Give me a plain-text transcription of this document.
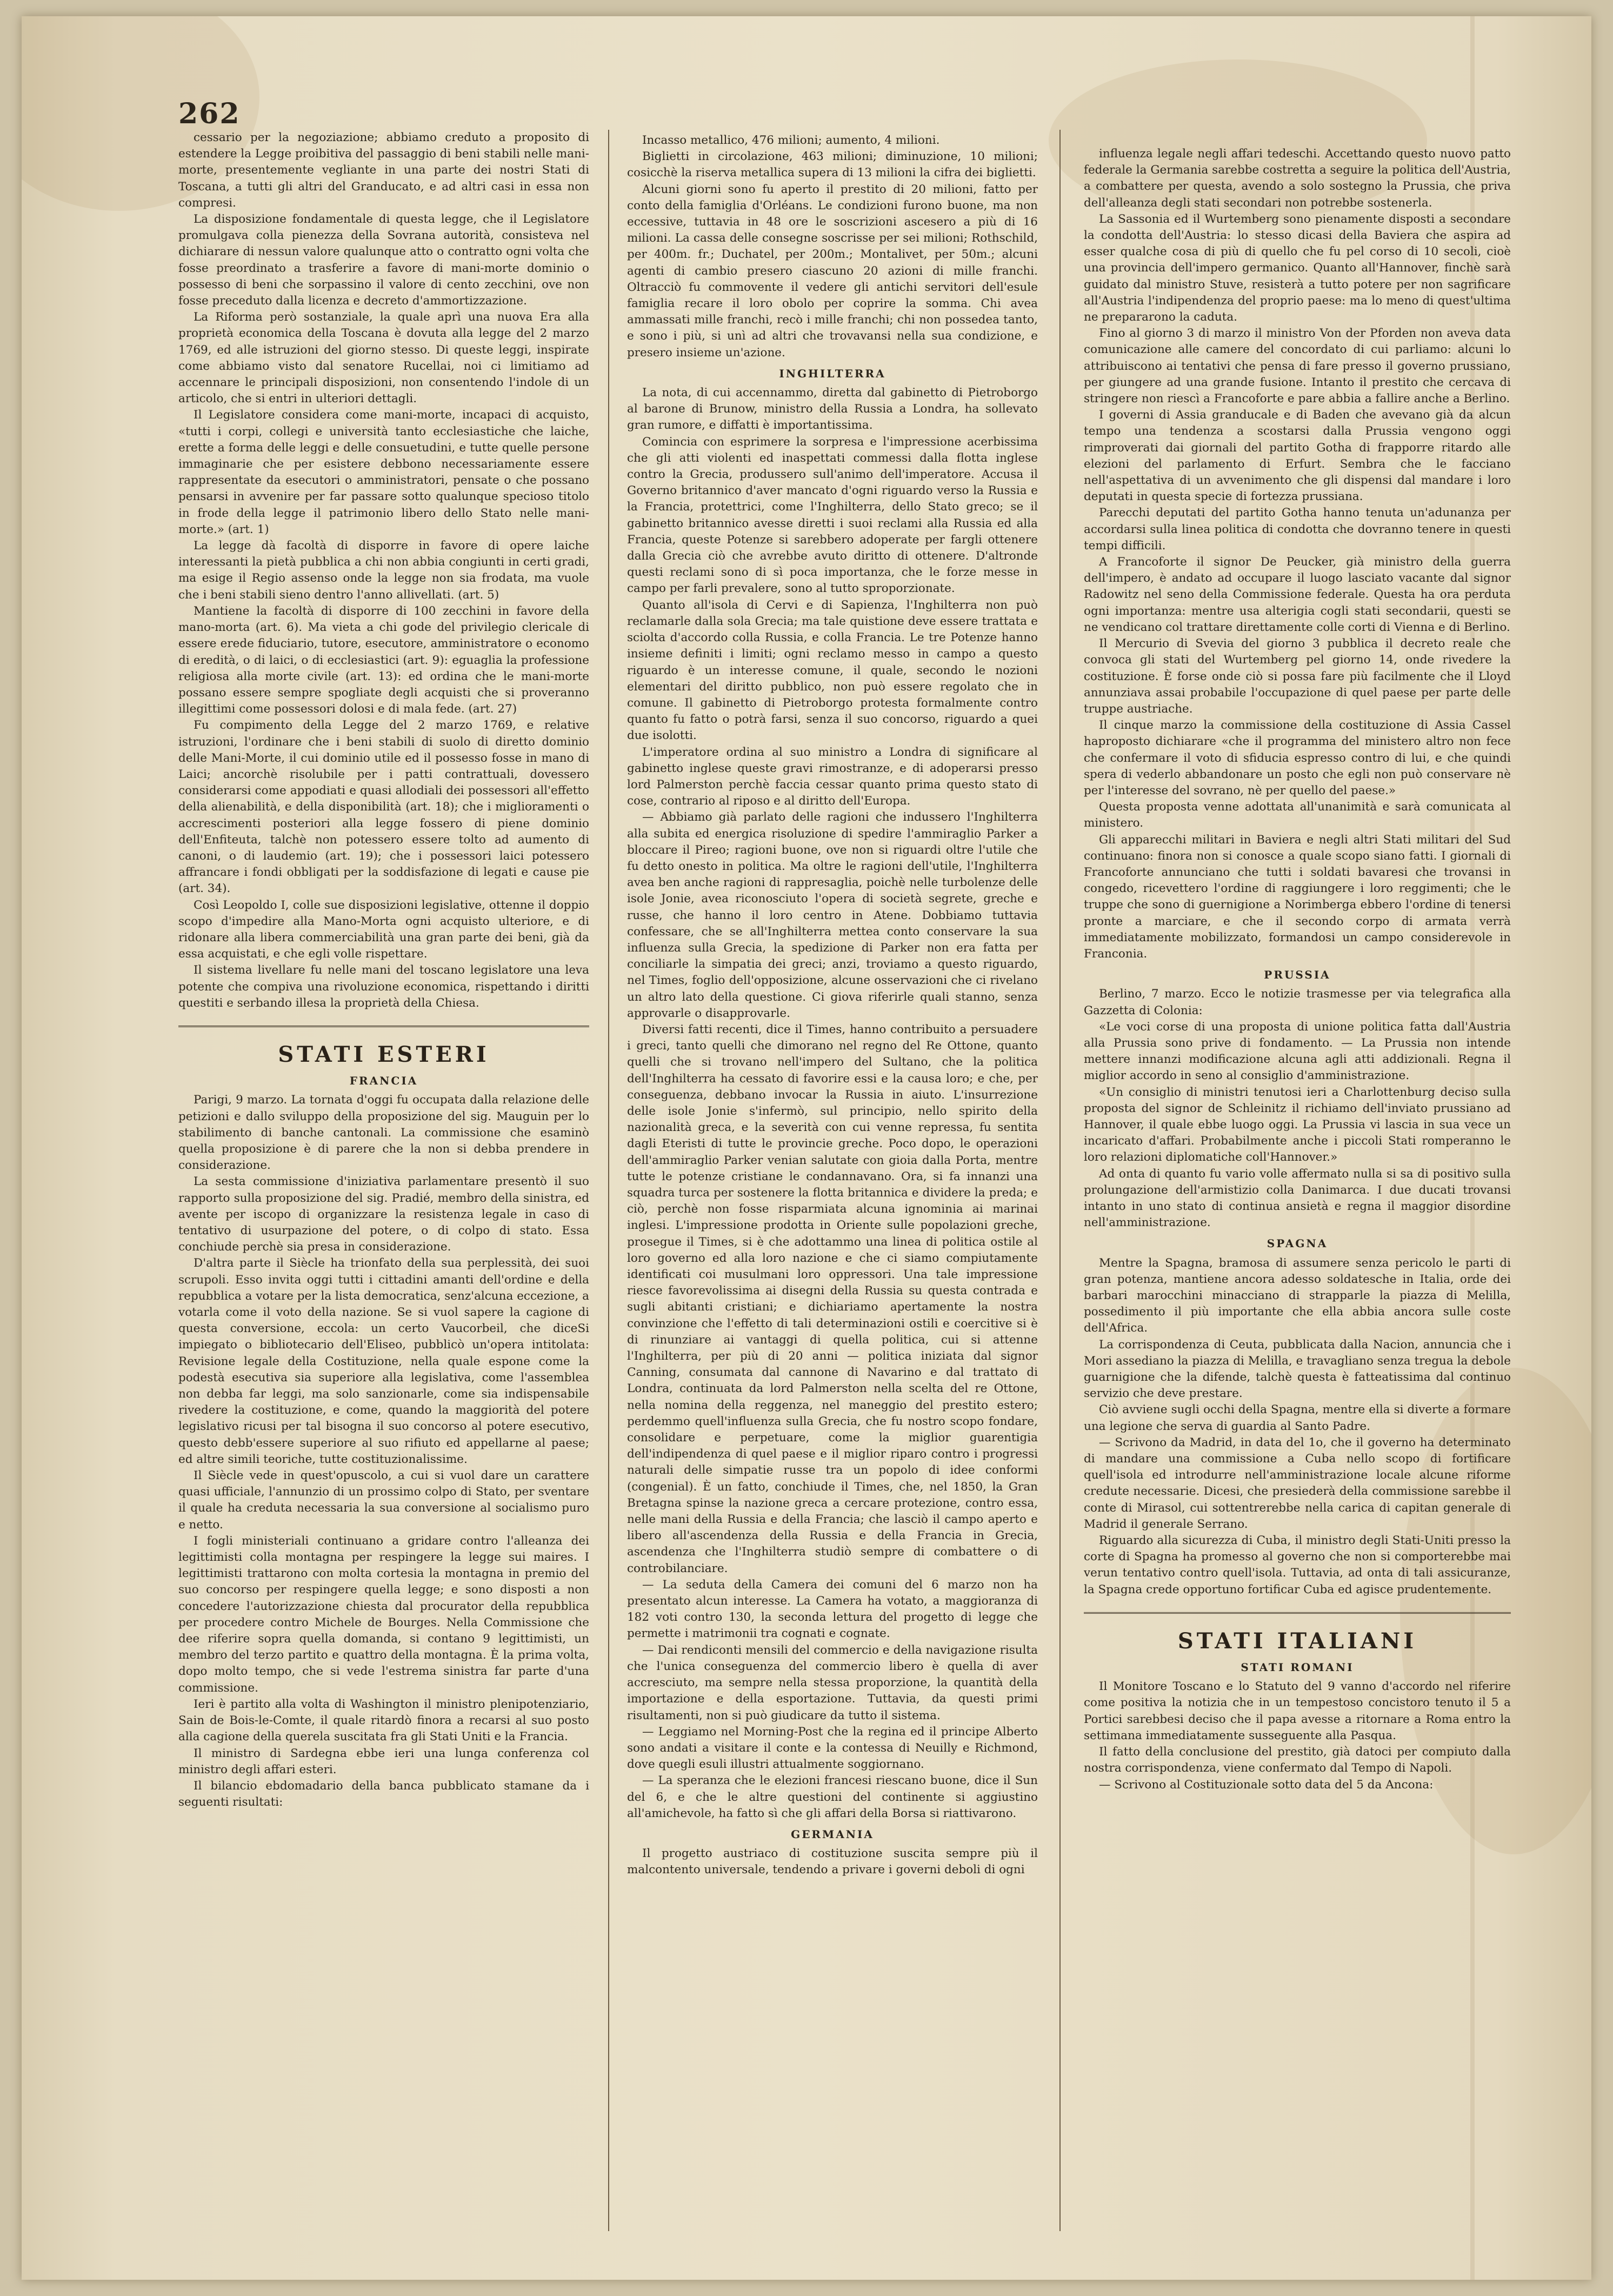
262

cessario per la negoziazione; abbiamo creduto a proposito di estendere la Legge proibitiva del passaggio di beni stabili nelle mani-morte, presentemente vegliante in una parte dei nostri Stati di Toscana, a tutti gli altri del Granducato, e ad altri casi in essa non compresi.

La disposizione fondamentale di questa legge, che il Legislatore promulgava colla pienezza della Sovrana autorità, consisteva nel dichiarare di nessun valore qualunque atto o contratto ogni volta che fosse preordinato a trasferire a favore di mani-morte dominio o possesso di beni che sorpassino il valore di cento zecchini, ove non fosse preceduto dalla licenza e decreto d'ammortizzazione.

La Riforma però sostanziale, la quale aprì una nuova Era alla proprietà economica della Toscana è dovuta alla legge del 2 marzo 1769, ed alle istruzioni del giorno stesso. Di queste leggi, inspirate come abbiamo visto dal senatore Rucellai, noi ci limitiamo ad accennare le principali disposizioni, non consentendo l'indole di un articolo, che si entri in ulteriori dettagli.

Il Legislatore considera come mani-morte, incapaci di acquisto, «tutti i corpi, collegi e università tanto ecclesiastiche che laiche, erette a forma delle leggi e delle consuetudini, e tutte quelle persone immaginarie che per esistere debbono necessariamente essere rappresentate da esecutori o amministratori, pensate o che possano pensarsi in avvenire per far passare sotto qualunque specioso titolo in frode della legge il patrimonio libero dello Stato nelle mani-morte.» (art. 1)

La legge dà facoltà di disporre in favore di opere laiche interessanti la pietà pubblica a chi non abbia congiunti in certi gradi, ma esige il Regio assenso onde la legge non sia frodata, ma vuole che i beni stabili sieno dentro l'anno allivellati. (art. 5)

Mantiene la facoltà di disporre di 100 zecchini in favore della mano-morta (art. 6). Ma vieta a chi gode del privilegio clericale di essere erede fiduciario, tutore, esecutore, amministratore o economo di eredità, o di laici, o di ecclesiastici (art. 9): eguaglia la professione religiosa alla morte civile (art. 13): ed ordina che le mani-morte possano essere sempre spogliate degli acquisti che si proveranno illegittimi come possessori dolosi e di mala fede. (art. 27)

Fu compimento della Legge del 2 marzo 1769, e relative istruzioni, l'ordinare che i beni stabili di suolo di diretto dominio delle Mani-Morte, il cui dominio utile ed il possesso fosse in mano di Laici; ancorchè risolubile per i patti contrattuali, dovessero considerarsi come appodiati e quasi allodiali dei possessori all'effetto della alienabilità, e della disponibilità (art. 18); che i miglioramenti o accrescimenti posteriori alla legge fossero di piene dominio dell'Enfiteuta, talchè non potessero essere tolto ad aumento di canoni, o di laudemio (art. 19); che i possessori laici potessero affrancare i fondi obbligati per la soddisfazione di legati e cause pie (art. 34).

Così Leopoldo I, colle sue disposizioni legislative, ottenne il doppio scopo d'impedire alla Mano-Morta ogni acquisto ulteriore, e di ridonare alla libera commerciabilità una gran parte dei beni, già da essa acquistati, e che egli volle rispettare.

Il sistema livellare fu nelle mani del toscano legislatore una leva potente che compiva una rivoluzione economica, rispettando i diritti questiti e serbando illesa la proprietà della Chiesa.

STATI ESTERI
FRANCIA

Parigi, 9 marzo. La tornata d'oggi fu occupata dalla relazione delle petizioni e dallo sviluppo della proposizione del sig. Mauguin per lo stabilimento di banche cantonali. La commissione che esaminò quella proposizione è di parere che la non si debba prendere in considerazione.

La sesta commissione d'iniziativa parlamentare presentò il suo rapporto sulla proposizione del sig. Pradié, membro della sinistra, ed avente per iscopo di organizzare la resistenza legale in caso di tentativo di usurpazione del potere, o di colpo di stato. Essa conchiude perchè sia presa in considerazione.

D'altra parte il Siècle ha trionfato della sua perplessità, dei suoi scrupoli. Esso invita oggi tutti i cittadini amanti dell'ordine e della repubblica a votare per la lista democratica, senz'alcuna eccezione, a votarla come il voto della nazione. Se si vuol sapere la cagione di questa conversione, eccola: un certo Vaucorbeil, che diceSi impiegato o bibliotecario dell'Eliseo, pubblicò un'opera intitolata: Revisione legale della Costituzione, nella quale espone come la podestà esecutiva sia superiore alla legislativa, come l'assemblea non debba far leggi, ma solo sanzionarle, come sia indispensabile rivedere la costituzione, e come, quando la maggiorità del potere legislativo ricusi per tal bisogna il suo concorso al potere esecutivo, questo debb'essere superiore al suo rifiuto ed appellarne al paese; ed altre simili teoriche, tutte costituzionalissime.

Il Siècle vede in quest'opuscolo, a cui si vuol dare un carattere quasi ufficiale, l'annunzio di un prossimo colpo di Stato, per sventare il quale ha creduta necessaria la sua conversione al socialismo puro e netto.

I fogli ministeriali continuano a gridare contro l'alleanza dei legittimisti colla montagna per respingere la legge sui maires. I legittimisti trattarono con molta cortesia la montagna in premio del suo concorso per respingere quella legge; e sono disposti a non concedere l'autorizzazione chiesta dal procurator della repubblica per procedere contro Michele de Bourges. Nella Commissione che dee riferire sopra quella domanda, si contano 9 legittimisti, un membro del terzo partito e quattro della montagna. È la prima volta, dopo molto tempo, che si vede l'estrema sinistra far parte d'una commissione.

Ieri è partito alla volta di Washington il ministro plenipotenziario, Sain de Bois-le-Comte, il quale ritardò finora a recarsi al suo posto alla cagione della querela suscitata fra gli Stati Uniti e la Francia.

Il ministro di Sardegna ebbe ieri una lunga conferenza col ministro degli affari esteri.

Il bilancio ebdomadario della banca pubblicato stamane da i seguenti risultati:

Incasso metallico, 476 milioni; aumento, 4 milioni.

Biglietti in circolazione, 463 milioni; diminuzione, 10 milioni; cosicchè la riserva metallica supera di 13 milioni la cifra dei biglietti.

Alcuni giorni sono fu aperto il prestito di 20 milioni, fatto per conto della famiglia d'Orléans. Le condizioni furono buone, ma non eccessive, tuttavia in 48 ore le soscrizioni ascesero a più di 16 milioni. La cassa delle consegne soscrisse per sei milioni; Rothschild, per 400m. fr.; Duchatel, per 200m.; Montalivet, per 50m.; alcuni agenti di cambio presero ciascuno 20 azioni di mille franchi. Oltracciò fu commovente il vedere gli antichi servitori dell'esule famiglia recare il loro obolo per coprire la somma. Chi avea ammassati mille franchi, recò i mille franchi; chi non possedea tanto, e sono i più, si unì ad altri che trovavansi nella sua condizione, e presero insieme un'azione.

INGHILTERRA

La nota, di cui accennammo, diretta dal gabinetto di Pietroborgo al barone di Brunow, ministro della Russia a Londra, ha sollevato gran rumore, e diffatti è importantissima.

Comincia con esprimere la sorpresa e l'impressione acerbissima che gli atti violenti ed inaspettati commessi dalla flotta inglese contro la Grecia, produssero sull'animo dell'imperatore. Accusa il Governo britannico d'aver mancato d'ogni riguardo verso la Russia e la Francia, protettrici, come l'Inghilterra, dello Stato greco; se il gabinetto britannico avesse diretti i suoi reclami alla Russia ed alla Francia, queste Potenze si sarebbero adoperate per fargli ottenere dalla Grecia ciò che avrebbe avuto diritto di ottenere. D'altronde questi reclami sono di sì poca importanza, che le forze messe in campo per farli prevalere, sono al tutto sproporzionate.

Quanto all'isola di Cervi e di Sapienza, l'Inghilterra non può reclamarle dalla sola Grecia; ma tale quistione deve essere trattata e sciolta d'accordo colla Russia, e colla Francia. Le tre Potenze hanno insieme definiti i limiti; ogni reclamo messo in campo a questo riguardo è un interesse comune, il quale, secondo le nozioni elementari del diritto pubblico, non può essere regolato che in comune. Il gabinetto di Pietroborgo protesta formalmente contro quanto fu fatto o potrà farsi, senza il suo concorso, riguardo a quei due isolotti.

L'imperatore ordina al suo ministro a Londra di significare al gabinetto inglese queste gravi rimostranze, e di adoperarsi presso lord Palmerston perchè faccia cessar quanto prima questo stato di cose, contrario al riposo e al diritto dell'Europa.

— Abbiamo già parlato delle ragioni che indussero l'Inghilterra alla subita ed energica risoluzione di spedire l'ammiraglio Parker a bloccare il Pireo; ragioni buone, ove non si riguardi oltre l'utile che fu detto onesto in politica. Ma oltre le ragioni dell'utile, l'Inghilterra avea ben anche ragioni di rappresaglia, poichè nelle turbolenze delle isole Jonie, avea riconosciuto l'opera di società segrete, greche e russe, che hanno il loro centro in Atene. Dobbiamo tuttavia confessare, che se all'Inghilterra mettea conto conservare la sua influenza sulla Grecia, la spedizione di Parker non era fatta per conciliarle la simpatia dei greci; anzi, troviamo a questo riguardo, nel Times, foglio dell'opposizione, alcune osservazioni che ci rivelano un altro lato della questione. Ci giova riferirle quali stanno, senza approvarle o disapprovarle.

Diversi fatti recenti, dice il Times, hanno contribuito a persuadere i greci, tanto quelli che dimorano nel regno del Re Ottone, quanto quelli che si trovano nell'impero del Sultano, che la politica dell'Inghilterra ha cessato di favorire essi e la causa loro; e che, per conseguenza, debbano invocar la Russia in aiuto. L'insurrezione delle isole Jonie s'infermò, sul principio, nello spirito della nazionalità greca, e la severità con cui venne repressa, fu sentita dagli Eteristi di tutte le provincie greche. Poco dopo, le operazioni dell'ammiraglio Parker venian salutate con gioia dalla Porta, mentre tutte le potenze cristiane le condannavano. Ora, si fa innanzi una squadra turca per sostenere la flotta britannica e dividere la preda; e ciò, perchè non fosse risparmiata alcuna ignominia ai marinai inglesi. L'impressione prodotta in Oriente sulle popolazioni greche, prosegue il Times, si è che adottammo una linea di politica ostile al loro governo ed alla loro nazione e che ci siamo compiutamente identificati coi musulmani loro oppressori. Una tale impressione riesce favorevolissima ai disegni della Russia su questa contrada e sugli abitanti cristiani; e dichiariamo apertamente la nostra convinzione che l'effetto di tali determinazioni ostili e coercitive si è di rinunziare ai vantaggi di quella politica, cui si attenne l'Inghilterra, per più di 20 anni — politica iniziata dal signor Canning, consumata dal cannone di Navarino e dal trattato di Londra, continuata da lord Palmerston nella scelta del re Ottone, nella nomina della reggenza, nel maneggio del prestito estero; perdemmo quell'influenza sulla Grecia, che fu nostro scopo fondare, consolidare e perpetuare, come la miglior guarentigia dell'indipendenza di quel paese e il miglior riparo contro i progressi naturali delle simpatie russe tra un popolo di idee conformi (congenial). È un fatto, conchiude il Times, che, nel 1850, la Gran Bretagna spinse la nazione greca a cercare protezione, contro essa, nelle mani della Russia e della Francia; che lasciò il campo aperto e libero all'ascendenza della Russia e della Francia in Grecia, ascendenza che l'Inghilterra studiò sempre di combattere o di controbilanciare.

— La seduta della Camera dei comuni del 6 marzo non ha presentato alcun interesse. La Camera ha votato, a maggioranza di 182 voti contro 130, la seconda lettura del progetto di legge che permette i matrimonii tra cognati e cognate.

— Dai rendiconti mensili del commercio e della navigazione risulta che l'unica conseguenza del commercio libero è quella di aver accresciuto, ma sempre nella stessa proporzione, la quantità della importazione e della esportazione. Tuttavia, da questi primi risultamenti, non si può giudicare da tutto il sistema.

— Leggiamo nel Morning-Post che la regina ed il principe Alberto sono andati a visitare il conte e la contessa di Neuilly e Richmond, dove quegli esuli illustri attualmente soggiornano.

— La speranza che le elezioni francesi riescano buone, dice il Sun del 6, e che le altre questioni del continente si aggiustino all'amichevole, ha fatto sì che gli affari della Borsa si riattivarono.

GERMANIA

Il progetto austriaco di costituzione suscita sempre più il malcontento universale, tendendo a privare i governi deboli di ogni

influenza legale negli affari tedeschi. Accettando questo nuovo patto federale la Germania sarebbe costretta a seguire la politica dell'Austria, a combattere per questa, avendo a solo sostegno la Prussia, che priva dell'alleanza degli stati secondari non potrebbe sostenerla.

La Sassonia ed il Wurtemberg sono pienamente disposti a secondare la condotta dell'Austria: lo stesso dicasi della Baviera che aspira ad esser qualche cosa di più di quello che fu pel corso di 10 secoli, cioè una provincia dell'impero germanico. Quanto all'Hannover, finchè sarà guidato dal ministro Stuve, resisterà a tutto potere per non sagrificare all'Austria l'indipendenza del proprio paese: ma lo meno di quest'ultima ne prepararono la caduta.

Fino al giorno 3 di marzo il ministro Von der Pforden non aveva data comunicazione alle camere del concordato di cui parliamo: alcuni lo attribuiscono ai tentativi che pensa di fare presso il governo prussiano, per giungere ad una grande fusione. Intanto il prestito che cercava di stringere non riescì a Francoforte e pare abbia a fallire anche a Berlino.

I governi di Assia granducale e di Baden che avevano già da alcun tempo una tendenza a scostarsi dalla Prussia vengono oggi rimproverati dai giornali del partito Gotha di frapporre ritardo alle elezioni del parlamento di Erfurt. Sembra che le facciano nell'aspettativa di un avvenimento che gli dispensi dal mandare i loro deputati in questa specie di fortezza prussiana.

Parecchi deputati del partito Gotha hanno tenuta un'adunanza per accordarsi sulla linea politica di condotta che dovranno tenere in questi tempi difficili.

A Francoforte il signor De Peucker, già ministro della guerra dell'impero, è andato ad occupare il luogo lasciato vacante dal signor Radowitz nel seno della Commissione federale. Questa ha ora perduta ogni importanza: mentre usa alterigia cogli stati secondarii, questi se ne vendicano col trattare direttamente colle corti di Vienna e di Berlino.

Il Mercurio di Svevia del giorno 3 pubblica il decreto reale che convoca gli stati del Wurtemberg pel giorno 14, onde rivedere la costituzione. È forse onde ciò si possa fare più facilmente che il Lloyd annunziava assai probabile l'occupazione di quel paese per parte delle truppe austriache.

Il cinque marzo la commissione della costituzione di Assia Cassel haproposto dichiarare «che il programma del ministero altro non fece che confermare il voto di sfiducia espresso contro di lui, e che quindi spera di vederlo abbandonare un posto che egli non può conservare nè per l'interesse del sovrano, nè per quello del paese.»

Questa proposta venne adottata all'unanimità e sarà comunicata al ministero.

Gli apparecchi militari in Baviera e negli altri Stati militari del Sud continuano: finora non si conosce a quale scopo siano fatti. I giornali di Francoforte annunciano che tutti i soldati bavaresi che trovansi in congedo, ricevettero l'ordine di raggiungere i loro reggimenti; che le truppe che sono di guernigione a Norimberga ebbero l'ordine di tenersi pronte a marciare, e che il secondo corpo di armata verrà immediatamente mobilizzato, formandosi un campo considerevole in Franconia.

PRUSSIA

Berlino, 7 marzo. Ecco le notizie trasmesse per via telegrafica alla Gazzetta di Colonia:

«Le voci corse di una proposta di unione politica fatta dall'Austria alla Prussia sono prive di fondamento. — La Prussia non intende mettere innanzi modificazione alcuna agli atti addizionali. Regna il miglior accordo in seno al consiglio d'amministrazione.

«Un consiglio di ministri tenutosi ieri a Charlottenburg deciso sulla proposta del signor de Schleinitz il richiamo dell'inviato prussiano ad Hannover, il quale ebbe luogo oggi. La Prussia vi lascia in sua vece un incaricato d'affari. Probabilmente anche i piccoli Stati romperanno le loro relazioni diplomatiche coll'Hannover.»

Ad onta di quanto fu vario volle affermato nulla si sa di positivo sulla prolungazione dell'armistizio colla Danimarca. I due ducati trovansi intanto in uno stato di continua ansietà e regna il maggior disordine nell'amministrazione.

SPAGNA

Mentre la Spagna, bramosa di assumere senza pericolo le parti di gran potenza, mantiene ancora adesso soldatesche in Italia, orde dei barbari marocchini minacciano di strapparle la piazza di Melilla, possedimento il più importante che ella abbia ancora sulle coste dell'Africa.

La corrispondenza di Ceuta, pubblicata dalla Nacion, annuncia che i Mori assediano la piazza di Melilla, e travagliano senza tregua la debole guarnigione che la difende, talchè questa è fatteatissima dal continuo servizio che deve prestare.

Ciò avviene sugli occhi della Spagna, mentre ella si diverte a formare una legione che serva di guardia al Santo Padre.

— Scrivono da Madrid, in data del 1o, che il governo ha determinato di mandare una commissione a Cuba nello scopo di fortificare quell'isola ed introdurre nell'amministrazione locale alcune riforme credute necessarie. Dicesi, che presiederà della commissione sarebbe il conte di Mirasol, cui sottentrerebbe nella carica di capitan generale di Madrid il generale Serrano.

Riguardo alla sicurezza di Cuba, il ministro degli Stati-Uniti presso la corte di Spagna ha promesso al governo che non si comporterebbe mai verun tentativo contro quell'isola. Tuttavia, ad onta di tali assicuranze, la Spagna crede opportuno fortificar Cuba ed agisce prudentemente.

STATI ITALIANI
STATI ROMANI

Il Monitore Toscano e lo Statuto del 9 vanno d'accordo nel riferire come positiva la notizia che in un tempestoso concistoro tenuto il 5 a Portici sarebbesi deciso che il papa avesse a ritornare a Roma entro la settimana immediatamente susseguente alla Pasqua.

Il fatto della conclusione del prestito, già datoci per compiuto dalla nostra corrispondenza, viene confermato dal Tempo di Napoli.

— Scrivono al Costituzionale sotto data del 5 da Ancona:
